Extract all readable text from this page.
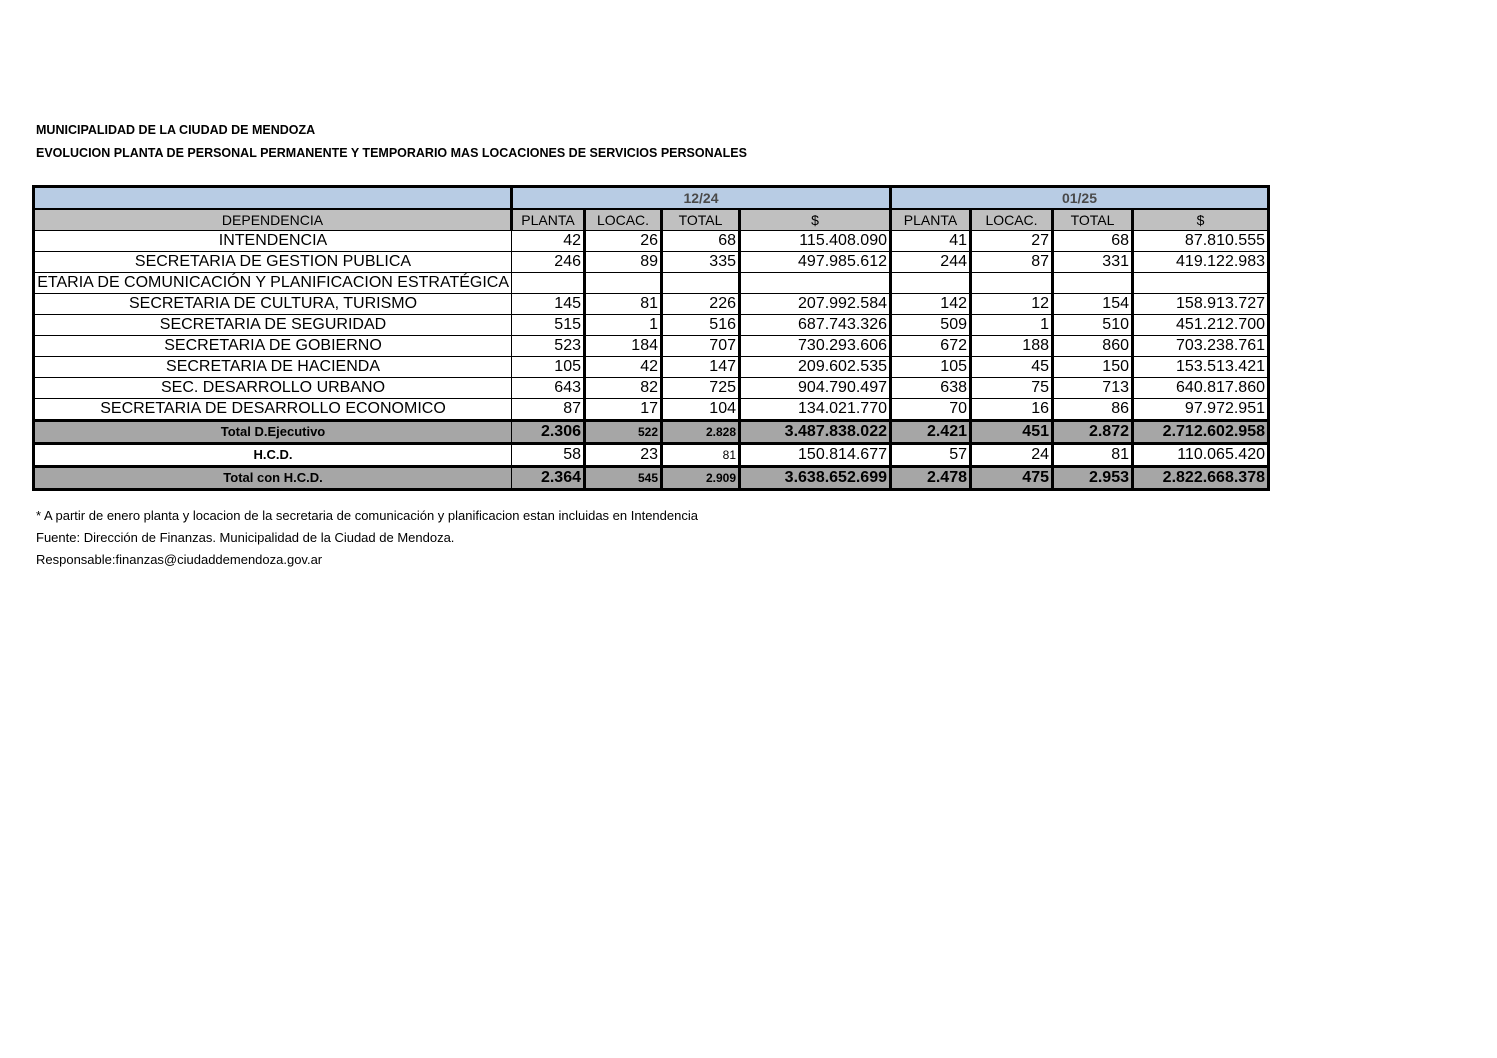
MUNICIPALIDAD DE LA CIUDAD DE MENDOZA
EVOLUCION PLANTA DE PERSONAL PERMANENTE Y TEMPORARIO MAS LOCACIONES DE SERVICIOS PERSONALES
	12/24				01/25			
DEPENDENCIA	PLANTA	LOCAC.	TOTAL	$	PLANTA	LOCAC.	TOTAL	$
INTENDENCIA	42	26	68	115.408.090	41	27	68	87.810.555
SECRETARIA DE GESTION PUBLICA	246	89	335	497.985.612	244	87	331	419.122.983
ETARIA DE COMUNICACIÓN Y PLANIFICACION ESTRATÉGICA								
SECRETARIA DE CULTURA, TURISMO	145	81	226	207.992.584	142	12	154	158.913.727
SECRETARIA DE SEGURIDAD	515	1	516	687.743.326	509	1	510	451.212.700
SECRETARIA DE GOBIERNO	523	184	707	730.293.606	672	188	860	703.238.761
SECRETARIA DE HACIENDA	105	42	147	209.602.535	105	45	150	153.513.421
SEC. DESARROLLO URBANO	643	82	725	904.790.497	638	75	713	640.817.860
SECRETARIA DE DESARROLLO ECONOMICO	87	17	104	134.021.770	70	16	86	97.972.951
Total D.Ejecutivo	2.306	522	2.828	3.487.838.022	2.421	451	2.872	2.712.602.958
H.C.D.	58	23	81	150.814.677	57	24	81	110.065.420
Total con H.C.D.	2.364	545	2.909	3.638.652.699	2.478	475	2.953	2.822.668.378
* A partir de enero planta y locacion de la secretaria de comunicación y planificacion estan incluidas en Intendencia
Fuente: Dirección de Finanzas. Municipalidad de la Ciudad de Mendoza.
Responsable:finanzas@ciudaddemendoza.gov.ar
